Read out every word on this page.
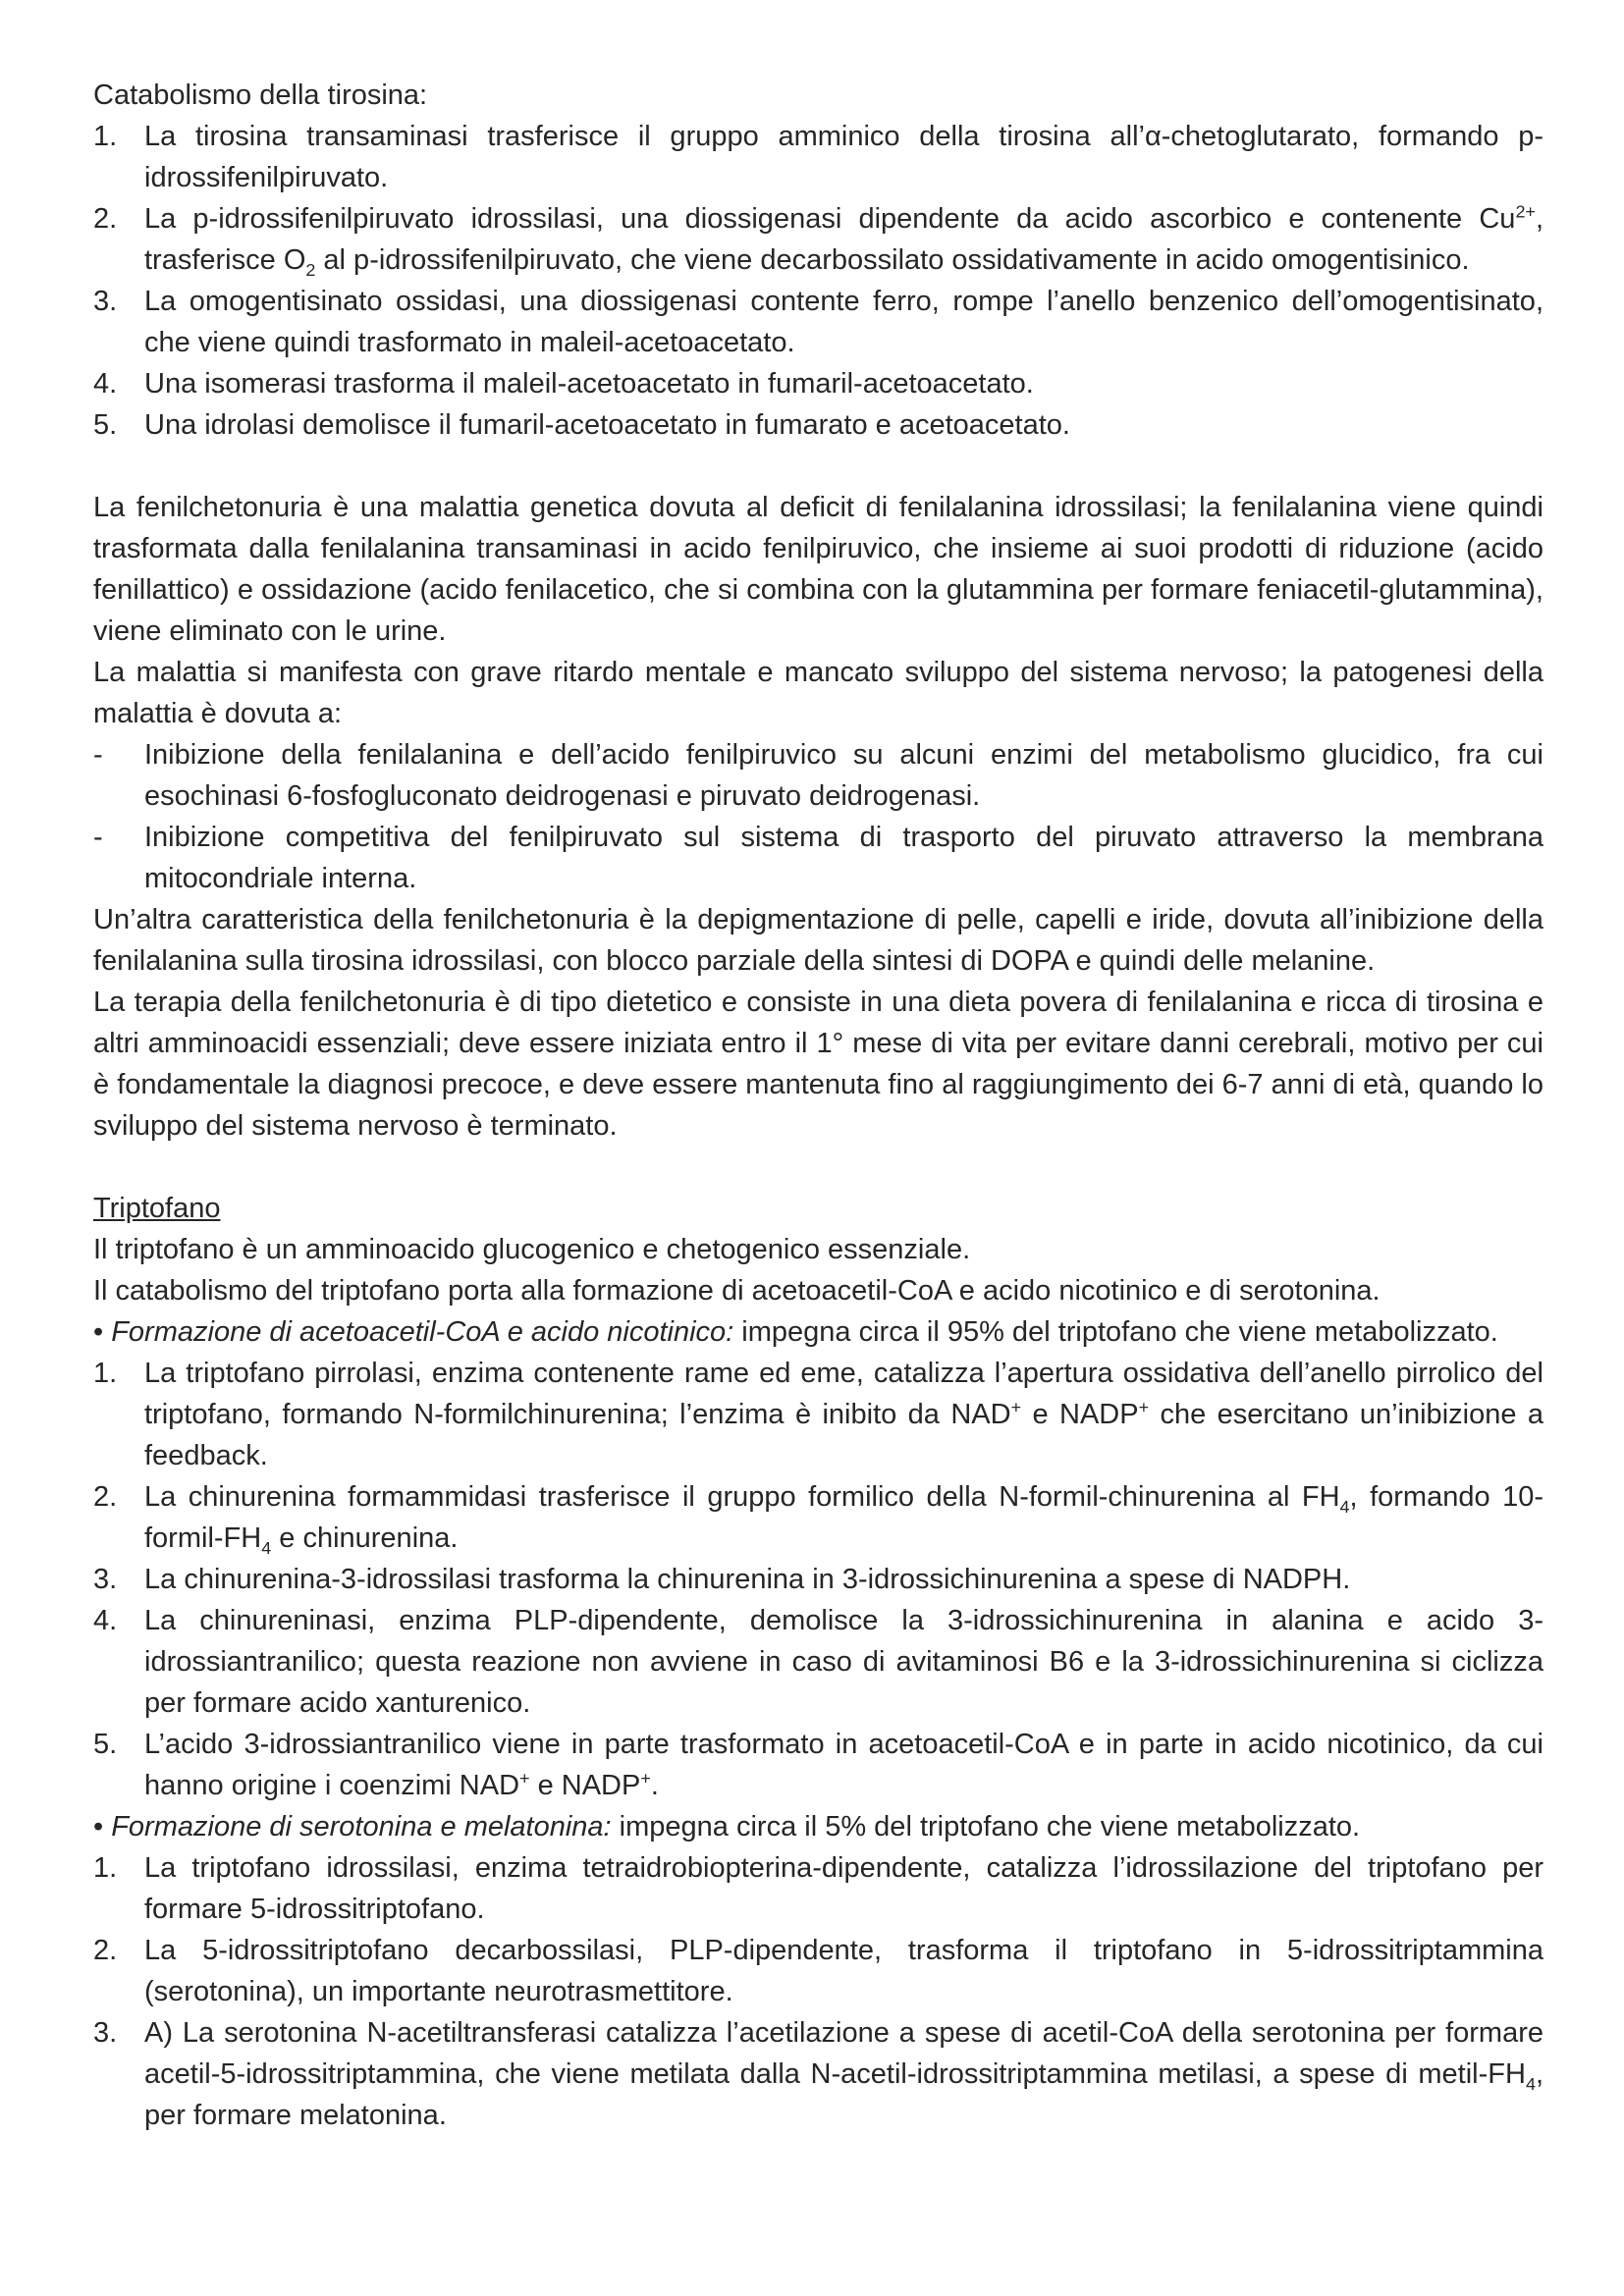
Catabolismo della tirosina:

1. La tirosina transaminasi trasferisce il gruppo amminico della tirosina all’α-chetoglutarato, formando p-idrossifenilpiruvato.
2. La p-idrossifenilpiruvato idrossilasi, una diossigenasi dipendente da acido ascorbico e contenente $Cu^{2+}$, trasferisce $O_2$ al p-idrossifenilpiruvato, che viene decarbossilato ossidativamente in acido omogentisinico.
3. La omogentisinato ossidasi, una diossigenasi contente ferro, rompe l’anello benzenico dell’omogentisinato, che viene quindi trasformato in maleil-acetoacetato.
4. Una isomerasi trasforma il maleil-acetoacetato in fumaril-acetoacetato.
5. Una idrolasi demolisce il fumaril-acetoacetato in fumarato e acetoacetato.

La fenilchetonuria è una malattia genetica dovuta al deficit di fenilalanina idrossilasi; la fenilalanina viene quindi trasformata dalla fenilalanina transaminasi in acido fenilpiruvico, che insieme ai suoi prodotti di riduzione (acido fenillattico) e ossidazione (acido fenilacetico, che si combina con la glutammina per formare feniacetil-glutammina), viene eliminato con le urine.

La malattia si manifesta con grave ritardo mentale e mancato sviluppo del sistema nervoso; la patogenesi della malattia è dovuta a:

- Inibizione della fenilalanina e dell’acido fenilpiruvico su alcuni enzimi del metabolismo glucidico, fra cui esochinasi 6-fosfogluconato deidrogenasi e piruvato deidrogenasi.
- Inibizione competitiva del fenilpiruvato sul sistema di trasporto del piruvato attraverso la membrana mitocondriale interna.

Un’altra caratteristica della fenilchetonuria è la depigmentazione di pelle, capelli e iride, dovuta all’inibizione della fenilalanina sulla tirosina idrossilasi, con blocco parziale della sintesi di DOPA e quindi delle melanine.

La terapia della fenilchetonuria è di tipo dietetico e consiste in una dieta povera di fenilalanina e ricca di tirosina e altri amminoacidi essenziali; deve essere iniziata entro il 1° mese di vita per evitare danni cerebrali, motivo per cui è fondamentale la diagnosi precoce, e deve essere mantenuta fino al raggiungimento dei 6-7 anni di età, quando lo sviluppo del sistema nervoso è terminato.

Triptofano

Il triptofano è un amminoacido glucogenico e chetogenico essenziale.

Il catabolismo del triptofano porta alla formazione di acetoacetil-CoA e acido nicotinico e di serotonina.

• Formazione di acetoacetil-CoA e acido nicotinico: impegna circa il 95% del triptofano che viene metabolizzato.

1. La triptofano pirrolasi, enzima contenente rame ed eme, catalizza l’apertura ossidativa dell’anello pirrolico del triptofano, formando N-formilchinurenina; l’enzima è inibito da NAD+ e NADP+ che esercitano un’inibizione a feedback.
2. La chinurenina formammidasi trasferisce il gruppo formilico della N-formil-chinurenina al $FH_4$, formando $10-formil-FH_4$ e chinurenina.
3. La chinurenina-3-idrossilasi trasforma la chinurenina in 3-idrossichinurenina a spese di NADPH.
4. La chinureninasi, enzima PLP-dipendente, demolisce la 3-idrossichinurenina in alanina e acido 3-idrossiantranilico; questa reazione non avviene in caso di avitaminosi B6 e la 3-idrossichinurenina si ciclizza per formare acido xanturenico.
5. L’acido 3-idrossiantranilico viene in parte trasformato in acetoacetil-CoA e in parte in acido nicotinico, da cui hanno origine i coenzimi NAD+ e NADP+.

• Formazione di serotonina e melatonina: impegna circa il 5% del triptofano che viene metabolizzato.

1. La triptofano idrossilasi, enzima tetraidrobiopterina-dipendente, catalizza l’idrossilazione del triptofano per formare 5-idrossitriptofano.
2. La 5-idrossitriptofano decarbossilasi, PLP-dipendente, trasforma il triptofano in 5-idrossitriptammina (serotonina), un importante neurotrasmettitore.
3. A) La serotonina N-acetiltransferasi catalizza l’acetilazione a spese di acetil-CoA della serotonina per formare acetil-5-idrossitriptammina, che viene metilata dalla N-acetil-idrossitriptammina metilasi, a spese di metil-$FH_4$, per formare melatonina.
